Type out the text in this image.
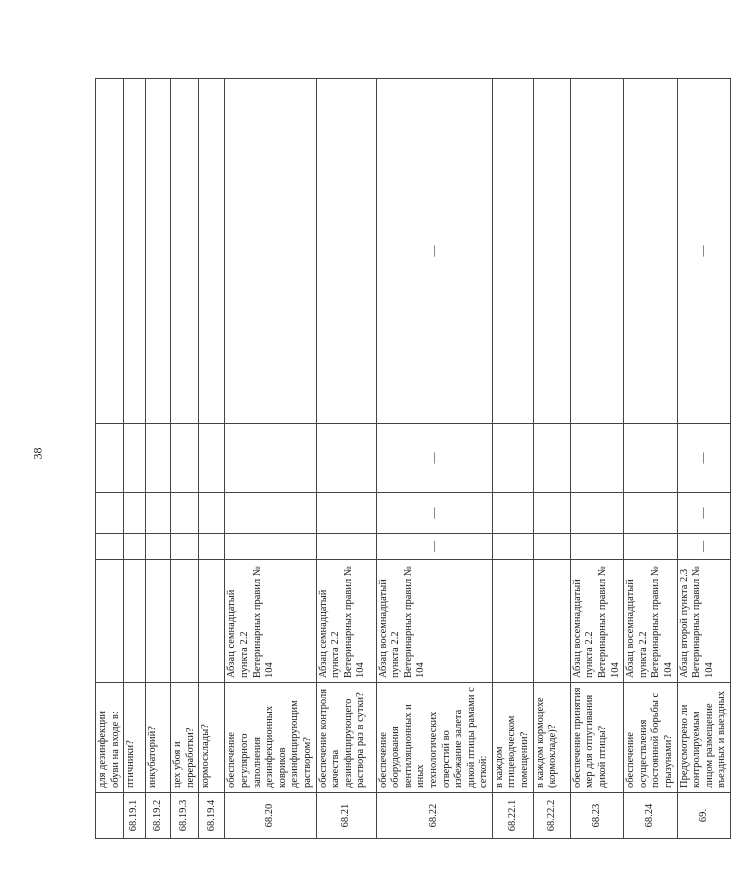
38
	для дезинфекции обуви на входе в:					
68.19.1	птичники?					
68.19.2	инкубаторий?					
68.19.3	цех убоя и переработки?					
68.19.4	кормосклады?					
68.20	обеспечение регулярного заполнения дезинфекционных ковриков дезинфицирующим раствором?	Абзац семнадцатый пункта 2.2 Ветеринарных правил № 104				
68.21	обеспечение контроля качества дезинфицирующего раствора раз в сутки?	Абзац семнадцатый пункта 2.2 Ветеринарных правил № 104				
68.22	обеспечение оборудования вентиляционных и иных технологических отверстий во избежание залета дикой птицы рамами с сеткой:	Абзац восемнадцатый пункта 2.2 Ветеринарных правил № 104	—	—	—	—
68.22.1	в каждом птицеводческом помещении?					
68.22.2	в каждом кормоцехе (кормокладе)?					
68.23	обеспечение принятия мер для отпугивания дикой птицы?	Абзац восемнадцатый пункта 2.2 Ветеринарных правил № 104				
68.24	обеспечение осуществления постоянной борьбы с грызунами?	Абзац восемнадцатый пункта 2.2 Ветеринарных правил № 104				
69.	Предусмотрено ли контролируемым лицом размещение въездных и выездных	Абзац второй пункта 2.3 Ветеринарных правил № 104	—	—	—	—
